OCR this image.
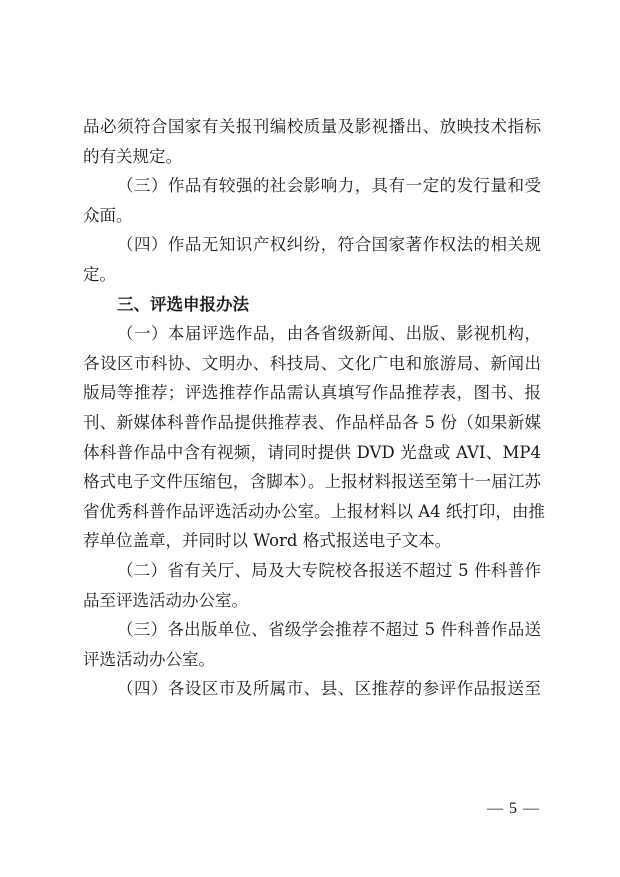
品必须符合国家有关报刊编校质量及影视播出、放映技术指标
的有关规定。
（三）作品有较强的社会影响力，具有一定的发行量和受
众面。
（四）作品无知识产权纠纷，符合国家著作权法的相关规
定。
三、评选申报办法
（一）本届评选作品，由各省级新闻、出版、影视机构，
各设区市科协、文明办、科技局、文化广电和旅游局、新闻出
版局等推荐；评选推荐作品需认真填写作品推荐表，图书、报
刊、新媒体科普作品提供推荐表、作品样品各 5 份（如果新媒
体科普作品中含有视频，请同时提供 DVD 光盘或 AVI、MP4
格式电子文件压缩包，含脚本）。上报材料报送至第十一届江苏
省优秀科普作品评选活动办公室。上报材料以 A4 纸打印，由推
荐单位盖章，并同时以 Word 格式报送电子文本。
（二）省有关厅、局及大专院校各报送不超过 5 件科普作
品至评选活动办公室。
（三）各出版单位、省级学会推荐不超过 5 件科普作品送
评选活动办公室。
（四）各设区市及所属市、县、区推荐的参评作品报送至
— 5 —
